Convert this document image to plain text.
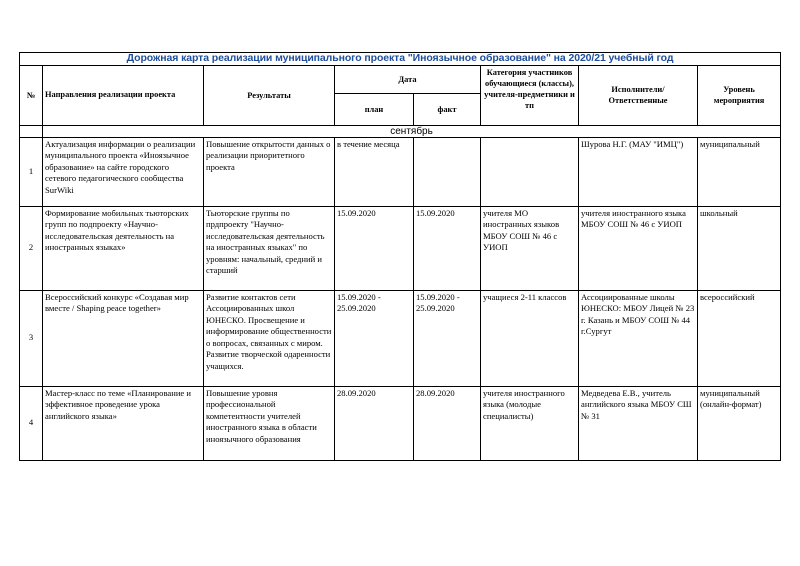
Дорожная карта реализации муниципального проекта "Иноязычное образование" на 2020/21 учебный год							
№	Направления реализации проекта	Результаты	Дата		Категория участников обучающиеся (классы), учителя-предметники и тп	Исполнители/ Ответственные	Уровень мероприятия
			план	факт			
	сентябрь						
1	Актуализация информации о реализации муниципального проекта «Иноязычное образование» на сайте городского сетевого педагогического сообщества SurWiki	Повышение открытости данных о реализации приоритетного проекта	в течение месяца			Шурова Н.Г. (МАУ "ИМЦ")	муниципальный
2	Формирование мобильных тьюторских групп по подпроекту «Научно-исследовательская деятельность на иностранных языках»	Тьюторские группы по прдпроекту "Научно-исследовательская деятельность на иностранных языках" по уровням: начальный, средний и старший	15.09.2020	15.09.2020	учителя МО иностранных языков МБОУ СОШ № 46 с УИОП	учителя иностранного языка МБОУ СОШ № 46 с УИОП	школьный
3	Всероссийский конкурс «Создавая мир вместе / Shaping peace together»	Развитие контактов сети Ассоциированных школ ЮНЕСКО. Просвещение и информирование общественности о вопросах, связанных с миром. Развитие творческой одаренности учащихся.	15.09.2020 - 25.09.2020	15.09.2020 - 25.09.2020	учащиеся 2-11 классов	Ассоциированные школы ЮНЕСКО: МБОУ Лицей № 23 г. Казань и МБОУ СОШ № 44 г.Сургут	всероссийский
4	Мастер-класс по теме «Планирование и эффективное проведение урока английского языка»	Повышение уровня профессиональной компетентности учителей иностранного языка в области иноязычного образования	28.09.2020	28.09.2020	учителя иностранного языка (молодые специалисты)	Медведева Е.В., учитель английского языка МБОУ СШ № 31	муниципальный (онлайн-формат)
